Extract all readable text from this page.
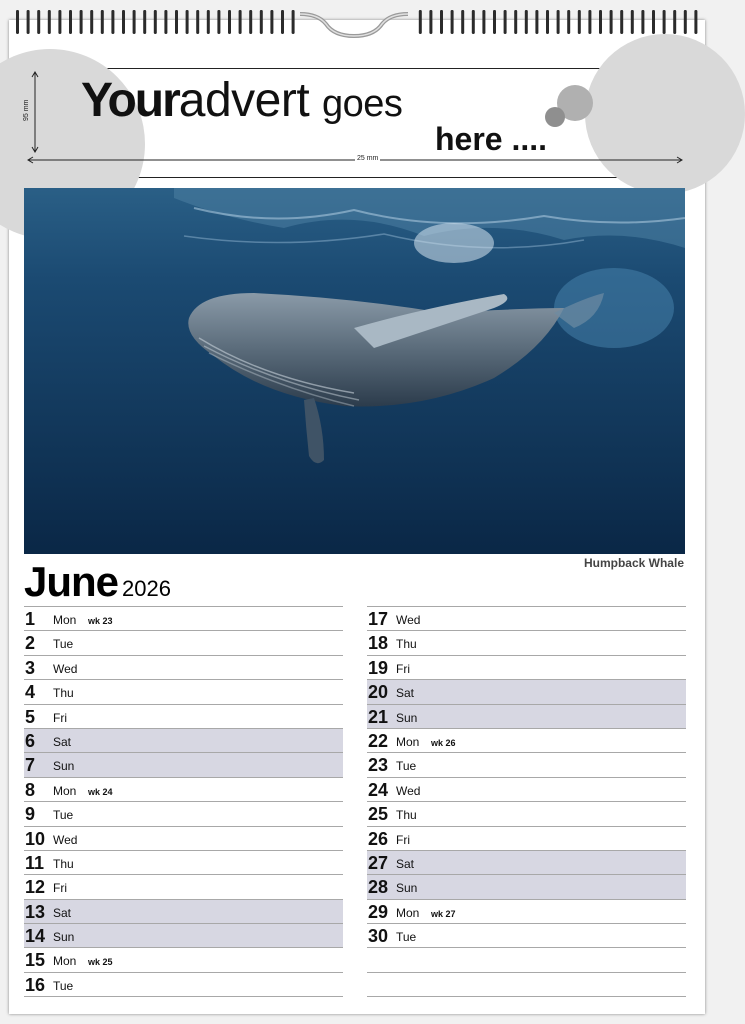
Youradvert goes
here ....
95 mm
25 mm
Humpback Whale
June 2026
1 Mon wk 23
2 Tue
3 Wed
4 Thu
5 Fri
6 Sat
7 Sun
8 Mon wk 24
9 Tue
10 Wed
11 Thu
12 Fri
13 Sat
14 Sun
15 Mon wk 25
16 Tue
17 Wed
18 Thu
19 Fri
20 Sat
21 Sun
22 Mon wk 26
23 Tue
24 Wed
25 Thu
26 Fri
27 Sat
28 Sun
29 Mon wk 27
30 Tue
